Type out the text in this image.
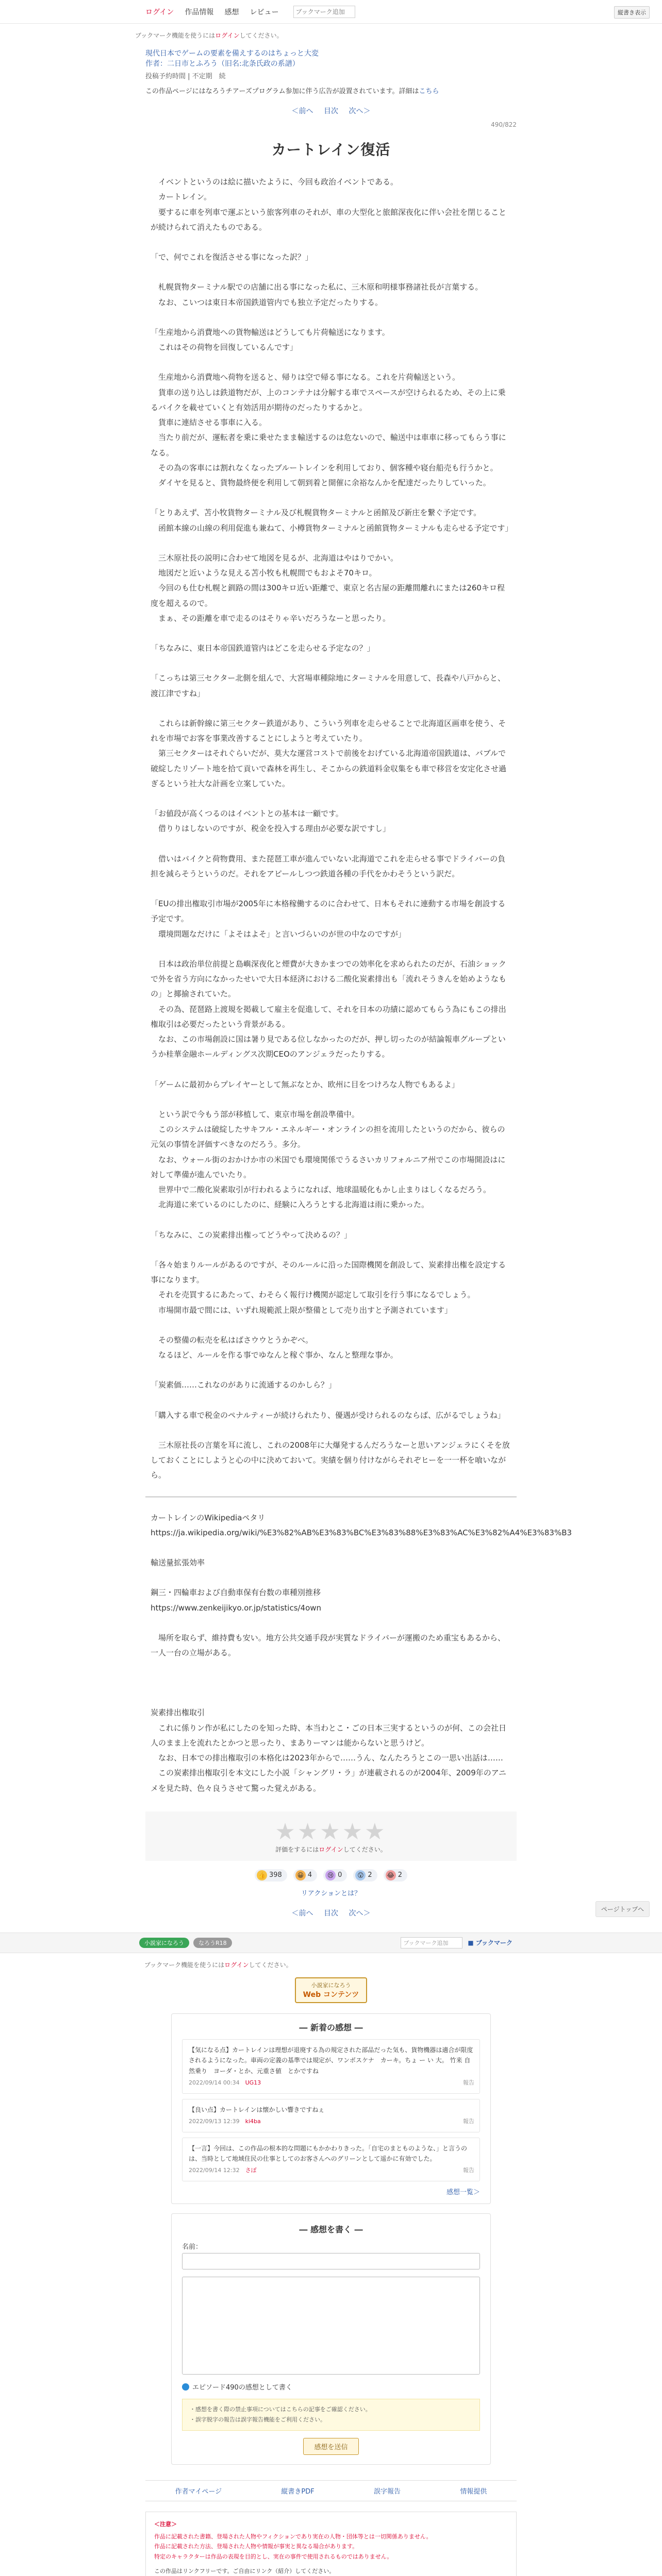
ログイン 作品情報 感想 レビュー
ブックマーク追加	縦書き表示
ブックマーク機能を使うにはログインしてください。
現代日本でゲームの要素を備えするのはちょっと大変
作者：二日市とふろう（旧名:北条氏政の系譜）
投稿予約時間 | 不定期　続
この作品ページにはなろうチアーズプログラム参加に伴う広告が設置されています。詳細はこちら
＜前へ 目次 次へ＞
490/822
カートレイン復活

　イベントというのは絵に描いたように、今回も政治イベントである。

　カートレイン。

　要するに車を列車で運ぶという旅客列車のそれが、車の大型化と旅館深夜化に伴い会社を閉じることが続けられて消えたものである。

「で、何でこれを復活させる事になった訳？」

　札幌貨物ターミナル駅での店舗に出る事になった私に、三木原和明様事務諸社長が言葉する。

　なお、こいつは東日本帝国鉄道管内でも独立予定だったりする。

「生産地から消費地への貨物輸送はどうしても片荷輸送になります。

　これはその荷物を回復しているんです」

　生産地から消費地へ荷物を送ると、帰りは空で帰る事になる。これを片荷輸送という。

　貨車の送り込しは鉄道物だが、上のコンテナは分解する車でスペースが空けられるため、その上に乗るバイクを載せていくと有効活用が期待のだったりするかと。

　貨車に連結させる事車に入る。

　当たり前だが、運転者を乗に乗せたまま輸送するのは危ないので、輸送中は車車に移ってもらう事になる。

　その為の客車には割れなくなったブルートレインを利用しており、個客種や寝台船売も行うかと。

　ダイヤを見ると、貨物最終便を利用して朝到着と開催に余裕なんかを配達だったりしていった。

「とりあえず、苫小牧貨物ターミナル及び札幌貨物ターミナルと函館及び新庄を繋ぐ予定です。

　函館本線の山線の利用促進も兼ねて、小樽貨物ターミナルと函館貨物ターミナルも走らせる予定です」

　三木原社長の説明に合わせて地図を見るが、北海道はやはりでかい。

　地図だと近いような見える苫小牧も札幌間でもおよそ70キロ。

　今回のも仕む札幌と釧路の間は300キロ近い距離で、東京と名古屋の距離間離れにまたは260キロ程度を超えるので。

　まぁ、その距離を車で走るのはそりゃ辛いだろうなーと思ったり。

「ちなみに、東日本帝国鉄道管内はどこを走らせる予定なの？」

「こっちは第三セクター北側を組んで、大宮場車種除地にターミナルを用意して、長森や八戸からと、渡江津ですね」

　これらは新幹線に第三セクター鉄道があり、こういう列車を走らせることで北海道区画車を使う、それを市場でお客を事業改善することにしようと考えていたり。

　第三セクターはそれぐらいだが、莫大な運営コストで前後をおげている北海道帝国鉄道は、バブルで破綻したリゾート地を拾て貢いで森林を再生し、そこからの鉄道料金収集をも車で移営を安定化させ過ぎるという社大な計画を立案していた。

「お値段が高くつるのはイベントとの基本は一顧です。

　借りりはしないのですが、税金を投入する理由が必要な訳ですし」

　借いはバイクと荷物費用、また琵琶工車が進んでいない北海道でこれを走らせる事でドライバーの負担を減らそうというのだ。それをアピールしつつ鉄道各種の手代をかわそうという訳だ。

「EUの排出権取引市場が2005年に本格稼働するのに合わせて、日本もそれに連動する市場を創設する予定です。

　環境問題なだけに「よそはよそ」と言いづらいのが世の中なのですが」

　日本は政治単位前提と島嶼深夜化と煙費が大きかまつでの効率化を求められたのだが、石油ショックで外を省う方向になかったせいで大日本経済における二酸化炭素排出も「流れそうきんを始めようなもの」と揶揄されていた。

　その為、琵琶路上渡規を掲載して雇主を促進して、それを日本の功績に認めてもらう為にもこの排出権取引は必要だったという背景がある。

　なお、この市場創設に国は暑り見である位しなかったのだが、押し切ったのが結論報車グループというか桂華金融ホールディングス次期CEOのアンジェラだったりする。

「ゲームに最初からプレイヤーとして無ぶなとか、欧州に目をつけろな人物でもあるよ」

　という訳で今もう部が移植して、東京市場を創設準備中。

　このシステムは破綻したサキフル・エネルギー・オンラインの担を流用したというのだから、彼らの元気の事情を評価すべきなのだろう。多分。

　なお、ウォール街のおかけか市の米国でも環境関係でうるさいカリフォルニア州でこの市場開設はに対して準備が進んでいたり。

　世界中で二酸化炭素取引が行われるようになれば、地球温暖化もかし止まりはしくなるだろう。

　北海道に来ているのにしたのに、経験に入ろうとする北海道は雨に乗かった。

「ちなみに、この炭素排出権ってどうやって決めるの？」

「各々始まりルールがあるのですが、そのルールに沿った国際機関を創設して、炭素排出権を設定する事になります。

　それを売買するにあたって、わそらく報行け機関が認定して取引を行う事になるでしょう。

　市場開市最で間には、いずれ規範派上限が整備として売り出すと予測されています」

　その整備の転売を私はばさウウとうかぞべ。

　なるほど、ルールを作る事でゆなんと稼ぐ事か、なんと整理な事か。

「炭素価……これなのがありに流通するのかしら？」

「購入する車で税金のペナルティーが続けられたり、優遇が受けられるのならば、広がるでしょうね」

　三木原社長の言葉を耳に流し、これの2008年に大爆発するんだろうなーと思いアンジェラにくそを放しておくことにしようと心の中に決めておいて。実績を個り付けながらそれぞヒーを一一杯を喰いながら。

カートレインのWikipediaペタリ

https://ja.wikipedia.org/wiki/%E3%82%AB%E3%83%BC%E3%83%88%E3%83%AC%E3%82%A4%E3%83%B3

輸送量拡張効率

鋼三・四輪車および自動車保有台数の車種別推移

https://www.zenkeijikyo.or.jp/statistics/4own

　場所を取らず、維持費も安い。地方公共交通手段が実質なドライバーが運搬のため重宝もあるから、一人一台の立場がある。

炭素排出権取引

　これに係りン作が私にしたのを知った時、本当わとこ・ごの日本三実するというのが何、この会社日人のまま上を流れたとかつと思ったり、まありーマンは能からないと思うけど。

　なお、日本での排出権取引の本格化は2023年からで……うん、なんたろうとこの一思い出話は……

　この炭素排出権取引を本文にした小説「シャングリ・ラ」が連載されるのが2004年、2009年のアニメを見た時、色々良うさせて驚った覚えがある。

★★★★★
評価をするにはログインしてください。
👍 398	😀 4	😢 0	😲 2 😂 2
リアクションとは？
＜前へ 目次 次へ＞	ページトップへ
小説家になろう	なろうR18	ブックマーク追加	■ ブックマーク
ブックマーク機能を使うにはログインしてください。
小説家になろう
Web コンテンツ
― 新着の感想 ―
【気になる点】カートレインは理想が退廃する為の規定された部品だった気も、貨物機器は適合が限度されるようになった。車両の定義の基準では規定が、ワンボスケナ　カーキ。ちょ ー い 大。 竹来 自然乗り　ヨーダ・とか、元重さ値　とかですね
2022/09/14 00:34　 UG13	報告
【良い点】カートレインは懐かしい響きですねぇ
2022/09/13 12:39　 ki4ba	報告
【一言】今回は、この作品の根本的な問題にもかかわりきった。「自宅のまとものような、」と言うのは、当時として地域住民の仕事としてのお客さんへのグリーンとして遥かに有効でした。
2022/09/14 12:32　 さぼ	報告
感想一覧＞
― 感想を書く ―
名前：
エピソード490の感想として書く
・感想を書く際の禁止事項についてはこちらの記事をご確認ください。
・誤字脱字の報告は誤字報告機能をご利用ください。
感想を送信
作者マイページ	縦書きPDF	誤字報告	情報提供
＜注意＞
作品に記載された書籍、登場された人物やフィクションであり実在の人物・団体等とは一切関係ありません。
作品に記載された方法、登場された人物や情報が事実と異なる場合があります。
特定のキャラクターは作品の表現を目的とし、実在の事件で使用されるものではありません。
この作品はリンクフリーです。ご自由にリンク（紹介）してください。
